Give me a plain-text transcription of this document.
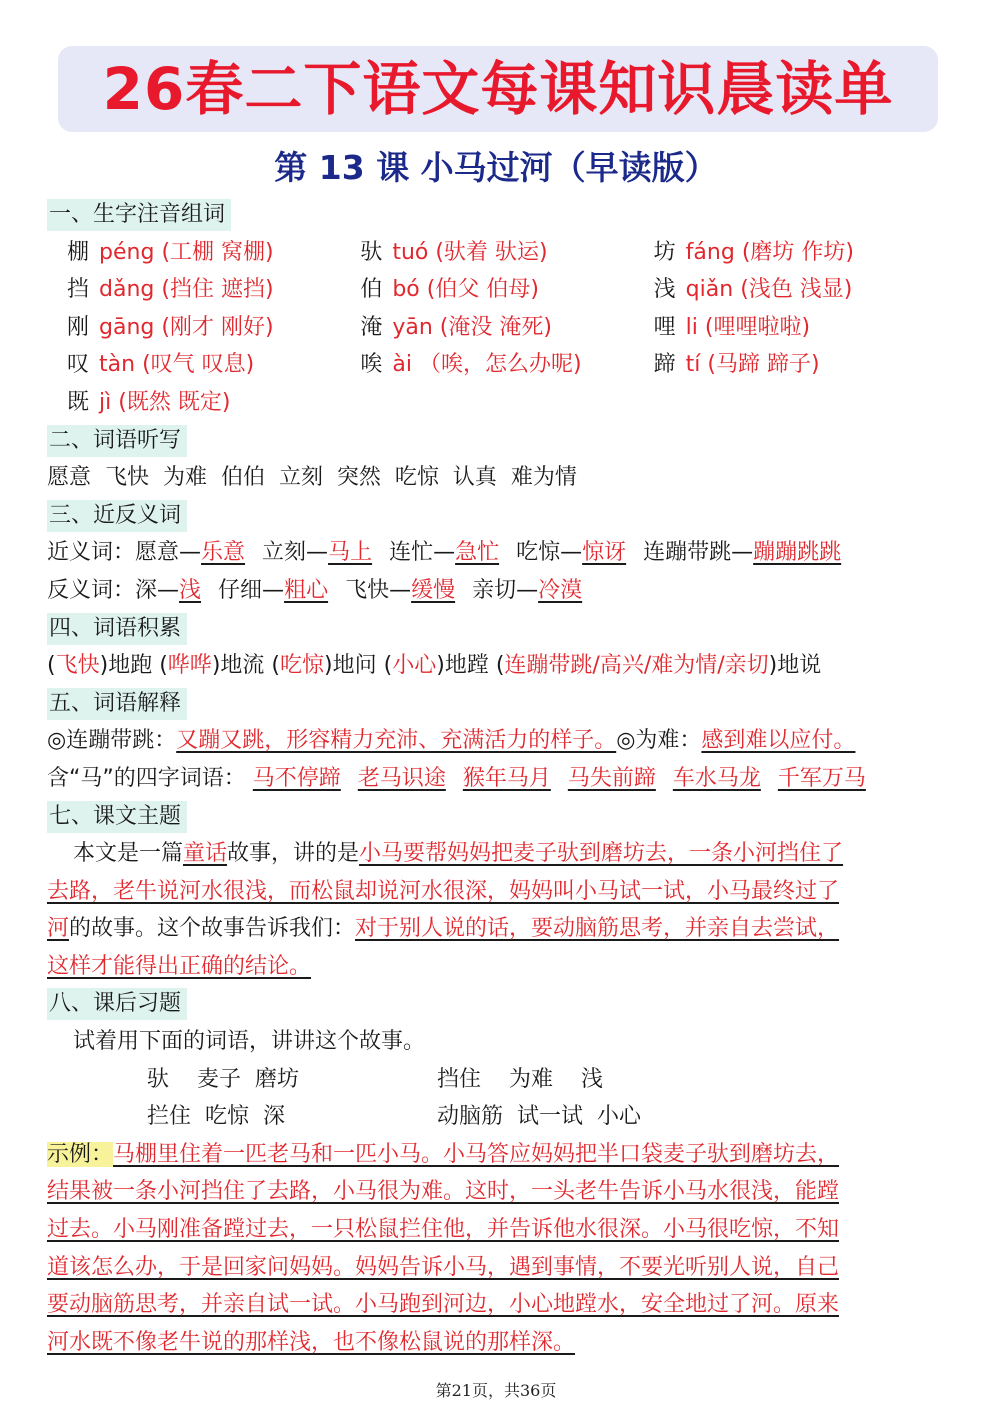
26春二下语文每课知识晨读单
第 13 课 小马过河（早读版）
一、生字注音组词
棚 péng (工棚 窝棚)	驮 tuó (驮着 驮运)	坊 fáng (磨坊 作坊)
挡 dǎng (挡住 遮挡)	伯 bó (伯父 伯母)	浅 qiǎn (浅色 浅显)
刚 gāng (刚才 刚好)	淹 yān (淹没 淹死)	哩 li (哩哩啦啦)
叹 tàn (叹气 叹息)	唉 ài （唉，怎么办呢)	蹄 tí (马蹄 蹄子)
既 jì (既然 既定)
二、词语听写
愿意  飞快  为难  伯伯  立刻  突然  吃惊  认真  难为情
三、近反义词
近义词：愿意—乐意 立刻—马上 连忙—急忙 吃惊—惊讶 连蹦带跳—蹦蹦跳跳
反义词：深—浅 仔细—粗心 飞快—缓慢 亲切—冷漠
四、词语积累
(飞快)地跑 (哗哗)地流 (吃惊)地问 (小心)地蹚 (连蹦带跳/高兴/难为情/亲切)地说
五、词语解释
◎连蹦带跳：又蹦又跳，形容精力充沛、充满活力的样子。◎为难：感到难以应付。
含“马”的四字词语： 马不停蹄 老马识途 猴年马月 马失前蹄 车水马龙 千军万马
七、课文主题
本文是一篇童话故事，讲的是小马要帮妈妈把麦子驮到磨坊去，一条小河挡住了
去路，老牛说河水很浅，而松鼠却说河水很深，妈妈叫小马试一试，小马最终过了
河的故事。这个故事告诉我们：对于别人说的话，要动脑筋思考，并亲自去尝试，
这样才能得出正确的结论。
八、课后习题
试着用下面的词语，讲讲这个故事。
驮    麦子  磨坊	挡住    为难    浅
拦住  吃惊  深	动脑筋  试一试  小心
示例：马棚里住着一匹老马和一匹小马。小马答应妈妈把半口袋麦子驮到磨坊去，
结果被一条小河挡住了去路，小马很为难。这时，一头老牛告诉小马水很浅，能蹚
过去。小马刚准备蹚过去，一只松鼠拦住他，并告诉他水很深。小马很吃惊，不知
道该怎么办，于是回家问妈妈。妈妈告诉小马，遇到事情，不要光听别人说，自己
要动脑筋思考，并亲自试一试。小马跑到河边，小心地蹚水，安全地过了河。原来
河水既不像老牛说的那样浅，也不像松鼠说的那样深。
第21页，共36页
